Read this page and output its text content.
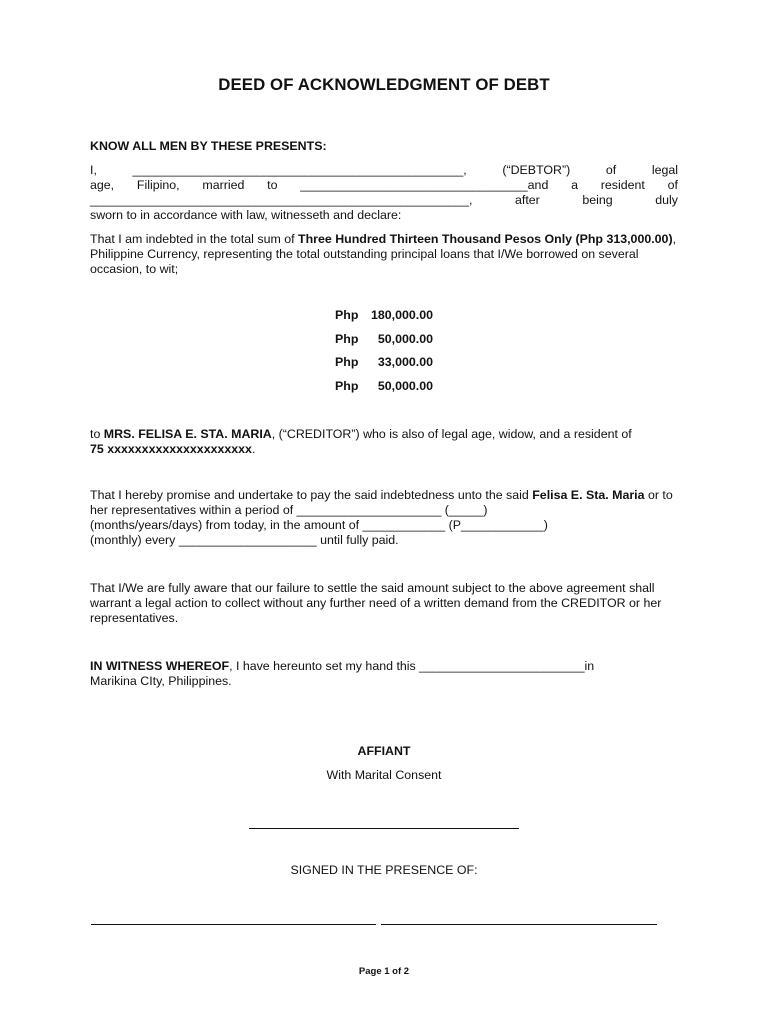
DEED OF ACKNOWLEDGMENT OF DEBT
KNOW ALL MEN BY THESE PRESENTS:
I, ________________________________________________, (“DEBTOR”) of legal
age, Filipino, married to _________________________________and a resident of
_______________________________________________________, after being duly
sworn to in accordance with law, witnesseth and declare:
That I am indebted in the total sum of Three Hundred Thirteen Thousand Pesos Only (Php 313,000.00), Philippine Currency, representing the total outstanding principal loans that I/We borrowed on several occasion, to wit;
Php 180,000.00
Php 50,000.00
Php 33,000.00
Php 50,000.00
to MRS. FELISA E. STA. MARIA, (“CREDITOR”) who is also of legal age, widow, and a resident of 75 xxxxxxxxxxxxxxxxxxxxx.
That I hereby promise and undertake to pay the said indebtedness unto the said Felisa E. Sta. Maria or to her representatives within a period of _____________________ (_____)
(months/years/days) from today, in the amount of ____________ (P____________)
(monthly) every ____________________ until fully paid.
That I/We are fully aware that our failure to settle the said amount subject to the above agreement shall warrant a legal action to collect without any further need of a written demand from the CREDITOR or her representatives.
IN WITNESS WHEREOF, I have hereunto set my hand this ________________________in
Marikina CIty, Philippines.
AFFIANT
With Marital Consent
SIGNED IN THE PRESENCE OF:
Page 1 of 2
